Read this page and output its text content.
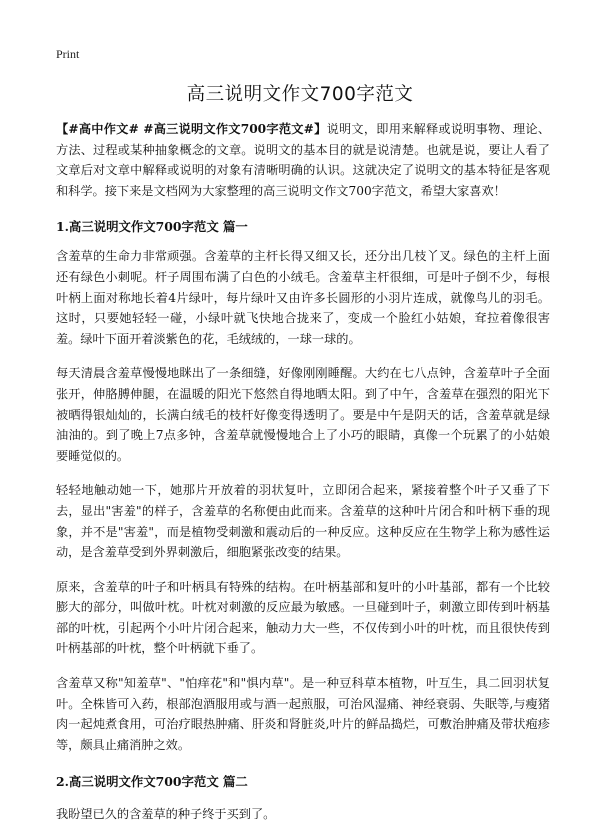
Print
高三说明文作文700字范文

【#高中作文# #高三说明文作文700字范文#】说明文，即用来解释或说明事物、理论、方法、过程或某种抽象概念的文章。说明文的基本目的就是说清楚。也就是说，要让人看了文章后对文章中解释或说明的对象有清晰明确的认识。这就决定了说明文的基本特征是客观和科学。接下来是文档网为大家整理的高三说明文作文700字范文，希望大家喜欢！

1.高三说明文作文700字范文 篇一

含羞草的生命力非常顽强。含羞草的主杆长得又细又长，还分出几枝丫叉。绿色的主杆上面还有绿色小刺呢。杆子周围布满了白色的小绒毛。含羞草主杆很细，可是叶子倒不少，每根叶柄上面对称地长着4片绿叶，每片绿叶又由许多长圆形的小羽片连成，就像鸟儿的羽毛。这时，只要她轻轻一碰，小绿叶就飞快地合拢来了，变成一个脸红小姑娘，耷拉着像很害羞。绿叶下面开着淡紫色的花，毛绒绒的，一球一球的。

每天清晨含羞草慢慢地眯出了一条细缝，好像刚刚睡醒。大约在七八点钟，含羞草叶子全面张开，伸胳膊伸腿，在温暖的阳光下悠然自得地晒太阳。到了中午，含羞草在强烈的阳光下被晒得银灿灿的，长满白绒毛的枝杆好像变得透明了。要是中午是阴天的话，含羞草就是绿油油的。到了晚上7点多钟，含羞草就慢慢地合上了小巧的眼睛，真像一个玩累了的小姑娘要睡觉似的。

轻轻地触动她一下，她那片开放着的羽状复叶，立即闭合起来，紧接着整个叶子又垂了下去，显出"害羞"的样子，含羞草的名称便由此而来。含羞草的这种叶片闭合和叶柄下垂的现象，并不是"害羞"，而是植物受刺激和震动后的一种反应。这种反应在生物学上称为感性运动，是含羞草受到外界刺激后，细胞紧张改变的结果。

原来，含羞草的叶子和叶柄具有特殊的结构。在叶柄基部和复叶的小叶基部，都有一个比较膨大的部分，叫做叶枕。叶枕对刺激的反应最为敏感。一旦碰到叶子，刺激立即传到叶柄基部的叶枕，引起两个小叶片闭合起来，触动力大一些，不仅传到小叶的叶枕，而且很快传到叶柄基部的叶枕，整个叶柄就下垂了。

含羞草又称"知羞草"、"怕痒花"和"惧内草"。是一种豆科草本植物，叶互生，具二回羽状复叶。全株皆可入药，根部泡酒服用或与酒一起煎服，可治风湿痛、神经衰弱、失眠等,与瘦猪肉一起炖煮食用，可治疗眼热肿痛、肝炎和肾脏炎,叶片的鲜品捣烂，可敷治肿痛及带状疱疹等，颇具止痛消肿之效。

2.高三说明文作文700字范文 篇二

我盼望已久的含羞草的种子终于买到了。
